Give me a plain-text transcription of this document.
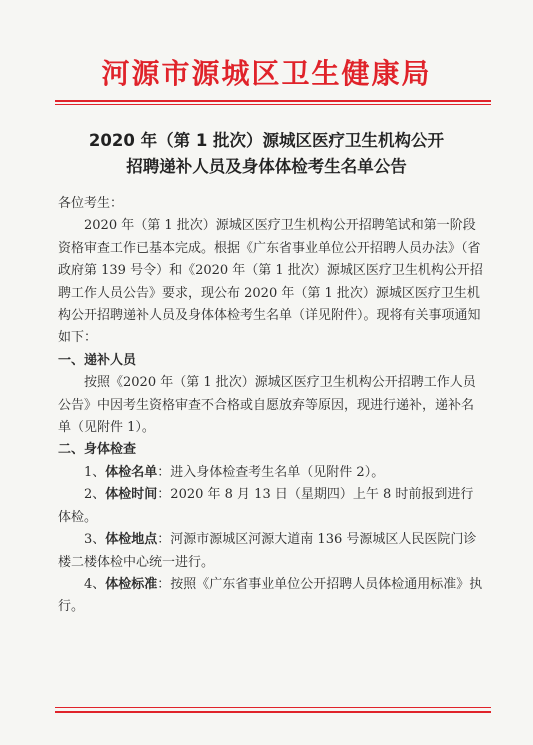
河源市源城区卫生健康局
2020 年（第 1 批次）源城区医疗卫生机构公开
招聘递补人员及身体体检考生名单公告

各位考生：

2020 年（第 1 批次）源城区医疗卫生机构公开招聘笔试和第一阶段资格审查工作已基本完成。根据《广东省事业单位公开招聘人员办法》（省政府第 139 号令）和《2020 年（第 1 批次）源城区医疗卫生机构公开招聘工作人员公告》要求，现公布 2020 年（第 1 批次）源城区医疗卫生机构公开招聘递补人员及身体体检考生名单（详见附件）。现将有关事项通知如下：

一、递补人员

按照《2020 年（第 1 批次）源城区医疗卫生机构公开招聘工作人员公告》中因考生资格审查不合格或自愿放弃等原因，现进行递补，递补名单（见附件 1）。

二、身体检查

1、体检名单：进入身体检查考生名单（见附件 2）。

2、体检时间：2020 年 8 月 13 日（星期四）上午 8 时前报到进行体检。

3、体检地点：河源市源城区河源大道南 136 号源城区人民医院门诊楼二楼体检中心统一进行。

4、体检标准：按照《广东省事业单位公开招聘人员体检通用标准》执行。
